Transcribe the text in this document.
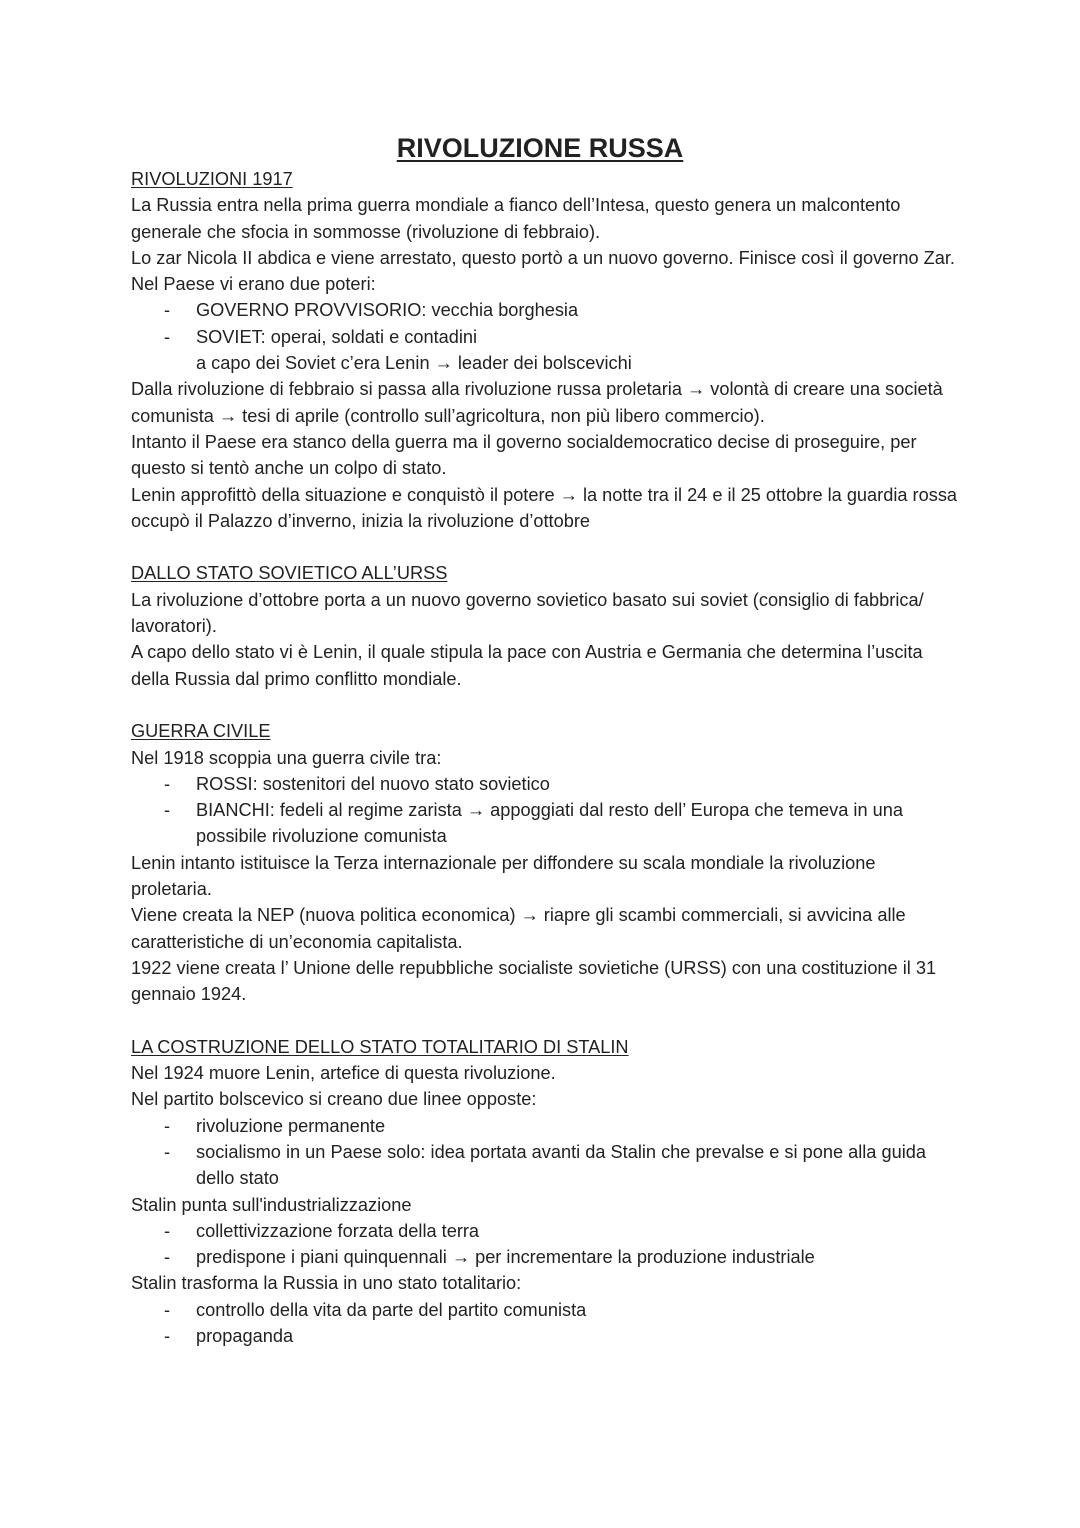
RIVOLUZIONE RUSSA
RIVOLUZIONI 1917

La Russia entra nella prima guerra mondiale a fianco dell’Intesa, questo genera un malcontento generale che sfocia in sommosse (rivoluzione di febbraio).

Lo zar Nicola II abdica e viene arrestato, questo portò a un nuovo governo. Finisce così il governo Zar.

Nel Paese vi erano due poteri:

- GOVERNO PROVVISORIO: vecchia borghesia
- SOVIET: operai, soldati e contadini
a capo dei Soviet c’era Lenin → leader dei bolscevichi

Dalla rivoluzione di febbraio si passa alla rivoluzione russa proletaria → volontà di creare una società comunista → tesi di aprile (controllo sull’agricoltura, non più libero commercio).

Intanto il Paese era stanco della guerra ma il governo socialdemocratico decise di proseguire, per questo si tentò anche un colpo di stato.

Lenin approfittò della situazione e conquistò il potere → la notte tra il 24 e il 25 ottobre la guardia rossa occupò il Palazzo d’inverno, inizia la rivoluzione d’ottobre

DALLO STATO SOVIETICO ALL’URSS

La rivoluzione d’ottobre porta a un nuovo governo sovietico basato sui soviet (consiglio di fabbrica/ lavoratori).

A capo dello stato vi è Lenin, il quale stipula la pace con Austria e Germania che determina l’uscita della Russia dal primo conflitto mondiale.

GUERRA CIVILE

Nel 1918 scoppia una guerra civile tra:

- ROSSI: sostenitori del nuovo stato sovietico
- BIANCHI: fedeli al regime zarista → appoggiati dal resto dell’ Europa che temeva in una possibile rivoluzione comunista

Lenin intanto istituisce la Terza internazionale per diffondere su scala mondiale la rivoluzione proletaria.

Viene creata la NEP (nuova politica economica) → riapre gli scambi commerciali, si avvicina alle caratteristiche di un’economia capitalista.

1922 viene creata l’ Unione delle repubbliche socialiste sovietiche (URSS) con una costituzione il 31 gennaio 1924.

LA COSTRUZIONE DELLO STATO TOTALITARIO DI STALIN

Nel 1924 muore Lenin, artefice di questa rivoluzione.

Nel partito bolscevico si creano due linee opposte:

- rivoluzione permanente
- socialismo in un Paese solo: idea portata avanti da Stalin che prevalse e si pone alla guida dello stato

Stalin punta sull'industrializzazione

- collettivizzazione forzata della terra
- predispone i piani quinquennali → per incrementare la produzione industriale

Stalin trasforma la Russia in uno stato totalitario:

- controllo della vita da parte del partito comunista
- propaganda
